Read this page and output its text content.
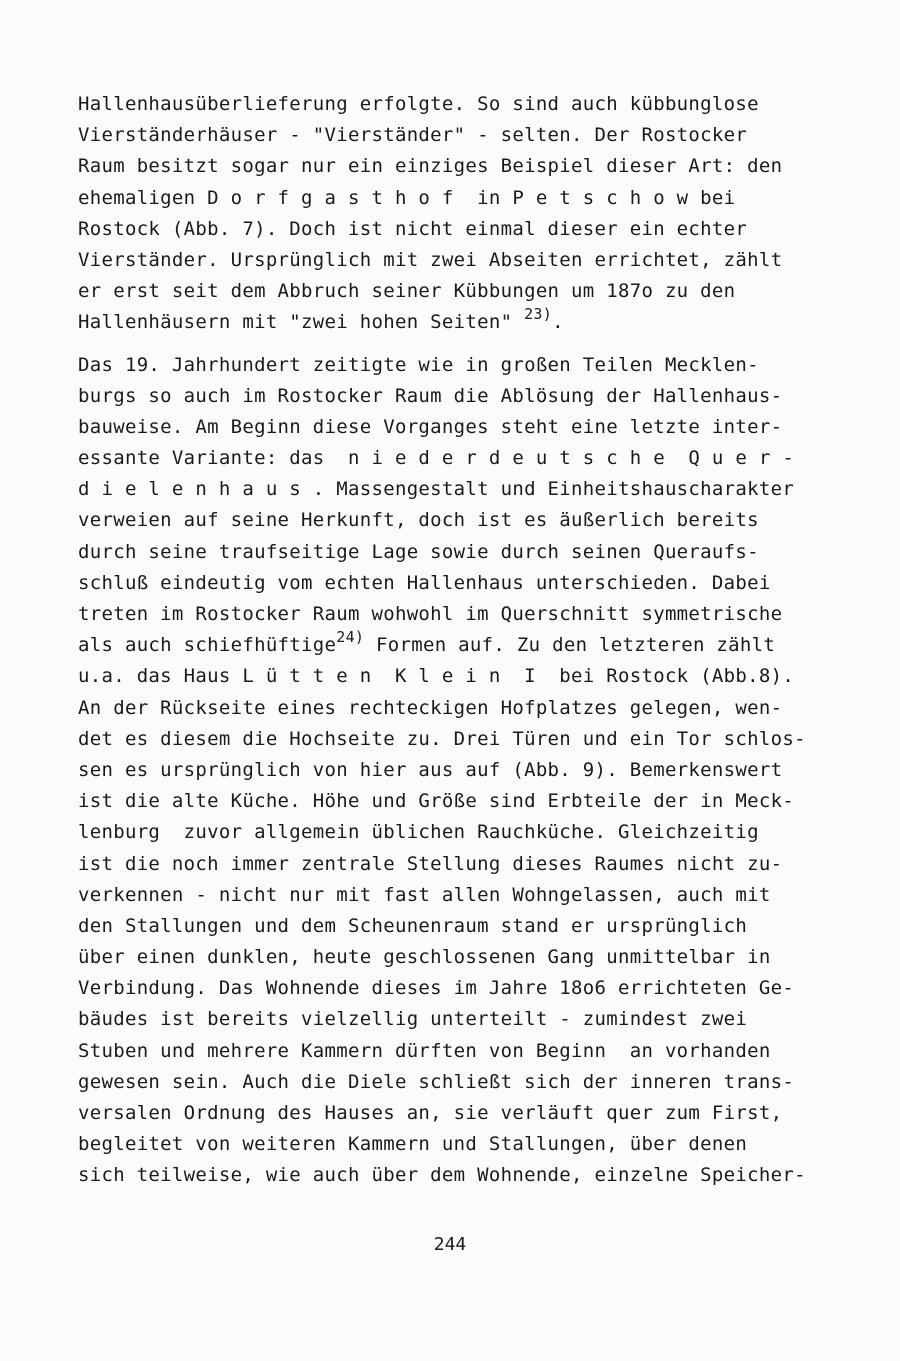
Hallenhausüberlieferung erfolgte. So sind auch kübbunglose
Vierständerhäuser - "Vierständer" - selten. Der Rostocker
Raum besitzt sogar nur ein einziges Beispiel dieser Art: den
ehemaligen D o r f g a s t h o f  in P e t s c h o w bei
Rostock (Abb. 7). Doch ist nicht einmal dieser ein echter
Vierständer. Ursprünglich mit zwei Abseiten errichtet, zählt
er erst seit dem Abbruch seiner Kübbungen um 187o zu den
Hallenhäusern mit "zwei hohen Seiten" $^{23)}$.
Das 19. Jahrhundert zeitigte wie in großen Teilen Mecklen-
burgs so auch im Rostocker Raum die Ablösung der Hallenhaus-
bauweise. Am Beginn diese Vorganges steht eine letzte inter-
essante Variante: das  n i e d e r d e u t s c h e  Q u e r -
d i e l e n h a u s . Massengestalt und Einheitshauscharakter
verweien auf seine Herkunft, doch ist es äußerlich bereits
durch seine traufseitige Lage sowie durch seinen Queraufs-
schluß eindeutig vom echten Hallenhaus unterschieden. Dabei
treten im Rostocker Raum wohwohl im Querschnitt symmetrische
als auch schiefhüftige$^{24)}$ Formen auf. Zu den letzteren zählt
u.a. das Haus L ü t t e n  K l e i n  I  bei Rostock (Abb.8).
An der Rückseite eines rechteckigen Hofplatzes gelegen, wen-
det es diesem die Hochseite zu. Drei Türen und ein Tor schlos-
sen es ursprünglich von hier aus auf (Abb. 9). Bemerkenswert
ist die alte Küche. Höhe und Größe sind Erbteile der in Meck-
lenburg  zuvor allgemein üblichen Rauchküche. Gleichzeitig
ist die noch immer zentrale Stellung dieses Raumes nicht zu-
verkennen - nicht nur mit fast allen Wohngelassen, auch mit
den Stallungen und dem Scheunenraum stand er ursprünglich
über einen dunklen, heute geschlossenen Gang unmittelbar in
Verbindung. Das Wohnende dieses im Jahre 18o6 errichteten Ge-
bäudes ist bereits vielzellig unterteilt - zumindest zwei
Stuben und mehrere Kammern dürften von Beginn  an vorhanden
gewesen sein. Auch die Diele schließt sich der inneren trans-
versalen Ordnung des Hauses an, sie verläuft quer zum First,
begleitet von weiteren Kammern und Stallungen, über denen
sich teilweise, wie auch über dem Wohnende, einzelne Speicher-
244
